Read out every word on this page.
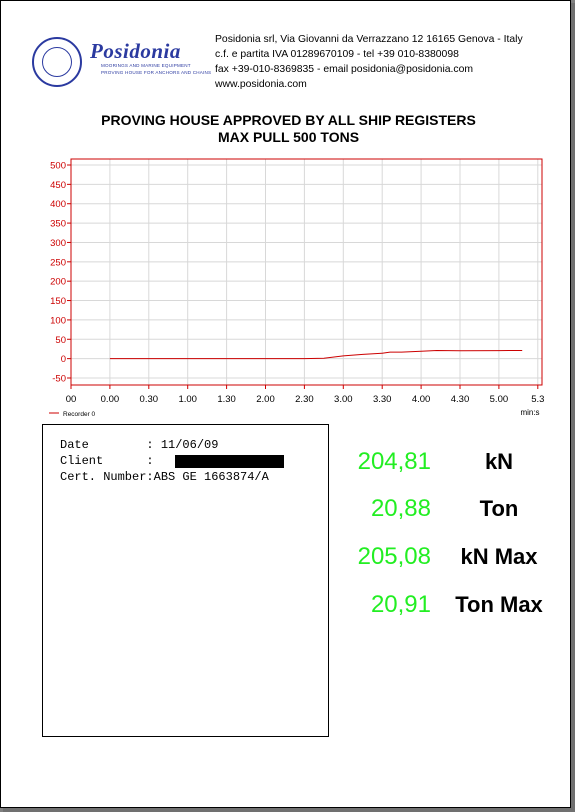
Posidonia
MOORINGS AND MARINE EQUIPMENT
PROVING HOUSE FOR ANCHORS AND CHAINS
Posidonia srl, Via Giovanni da Verrazzano 12 16165 Genova - Italy
c.f. e partita IVA 01289670109 - tel +39 010-8380098
fax +39-010-8369835 - email posidonia@posidonia.com
www.posidonia.com
PROVING HOUSE APPROVED BY ALL SHIP REGISTERS
MAX PULL 500 TONS
500
450
400
350
300
250
200
150
100
50
0
-50
00	0.00 0.30 1.00 1.30 2.00 2.30 3.00 3.30 4.00 4.30 5.00 5.3
min:s
Recorder 0
Date        : 11/06/09
Client      :
Cert. Number:ABS GE 1663874/A
204,81	kN
20,88	Ton
205,08	kN Max
20,91	Ton Max
